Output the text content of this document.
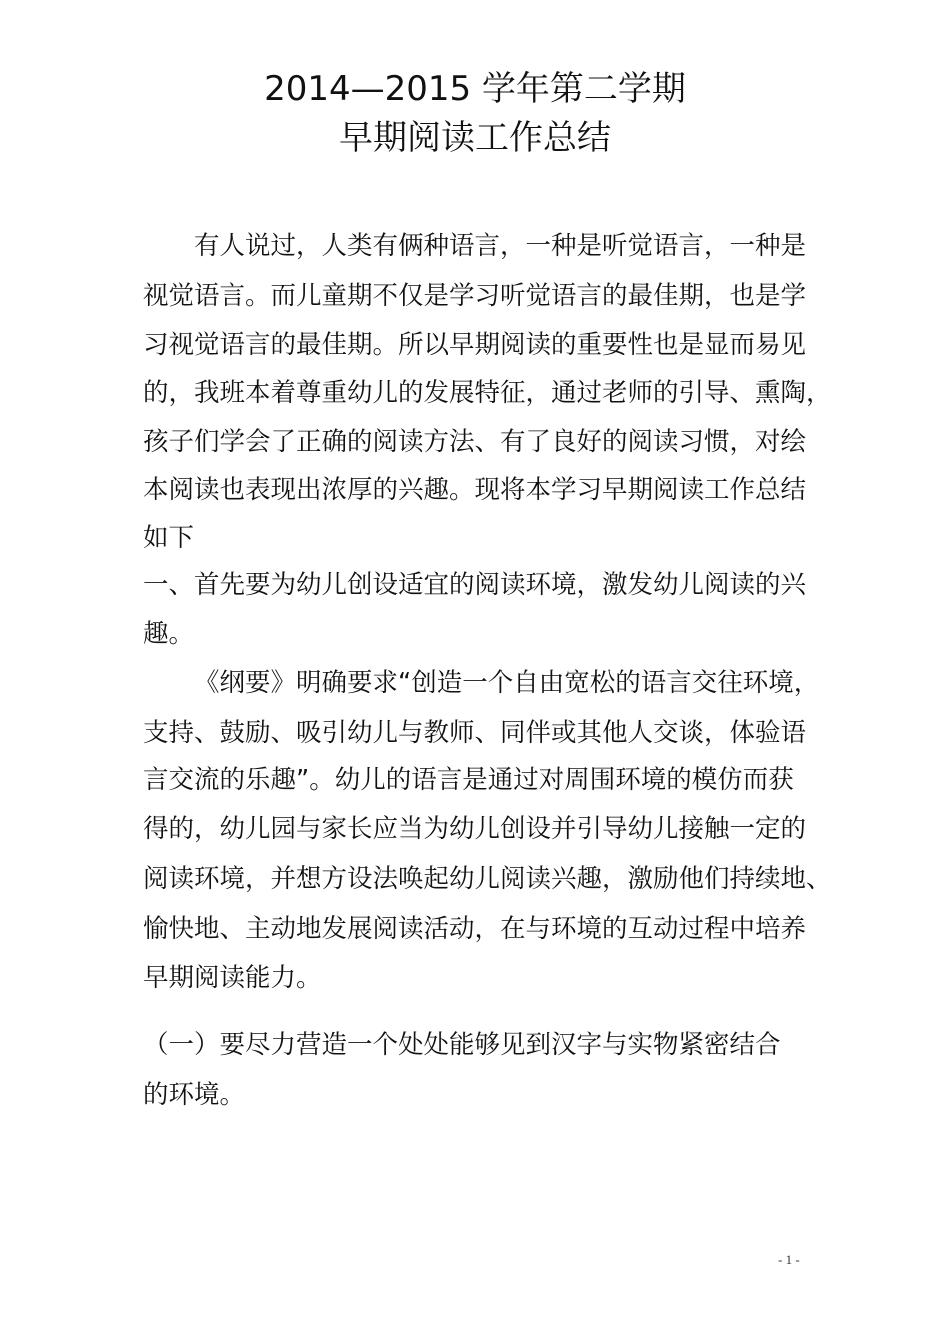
2014—2015 学年第二学期
早期阅读工作总结
有人说过，人类有俩种语言，一种是听觉语言，一种是
视觉语言。而儿童期不仅是学习听觉语言的最佳期，也是学
习视觉语言的最佳期。所以早期阅读的重要性也是显而易见
的，我班本着尊重幼儿的发展特征，通过老师的引导、熏陶，
孩子们学会了正确的阅读方法、有了良好的阅读习惯，对绘
本阅读也表现出浓厚的兴趣。现将本学习早期阅读工作总结
如下
一、首先要为幼儿创设适宜的阅读环境，激发幼儿阅读的兴
趣。
《纲要》明确要求“创造一个自由宽松的语言交往环境，
支持、鼓励、吸引幼儿与教师、同伴或其他人交谈，体验语
言交流的乐趣”。幼儿的语言是通过对周围环境的模仿而获
得的，幼儿园与家长应当为幼儿创设并引导幼儿接触一定的
阅读环境，并想方设法唤起幼儿阅读兴趣，激励他们持续地、
愉快地、主动地发展阅读活动，在与环境的互动过程中培养
早期阅读能力。
（一）要尽力营造一个处处能够见到汉字与实物紧密结合
的环境。
- 1 -
